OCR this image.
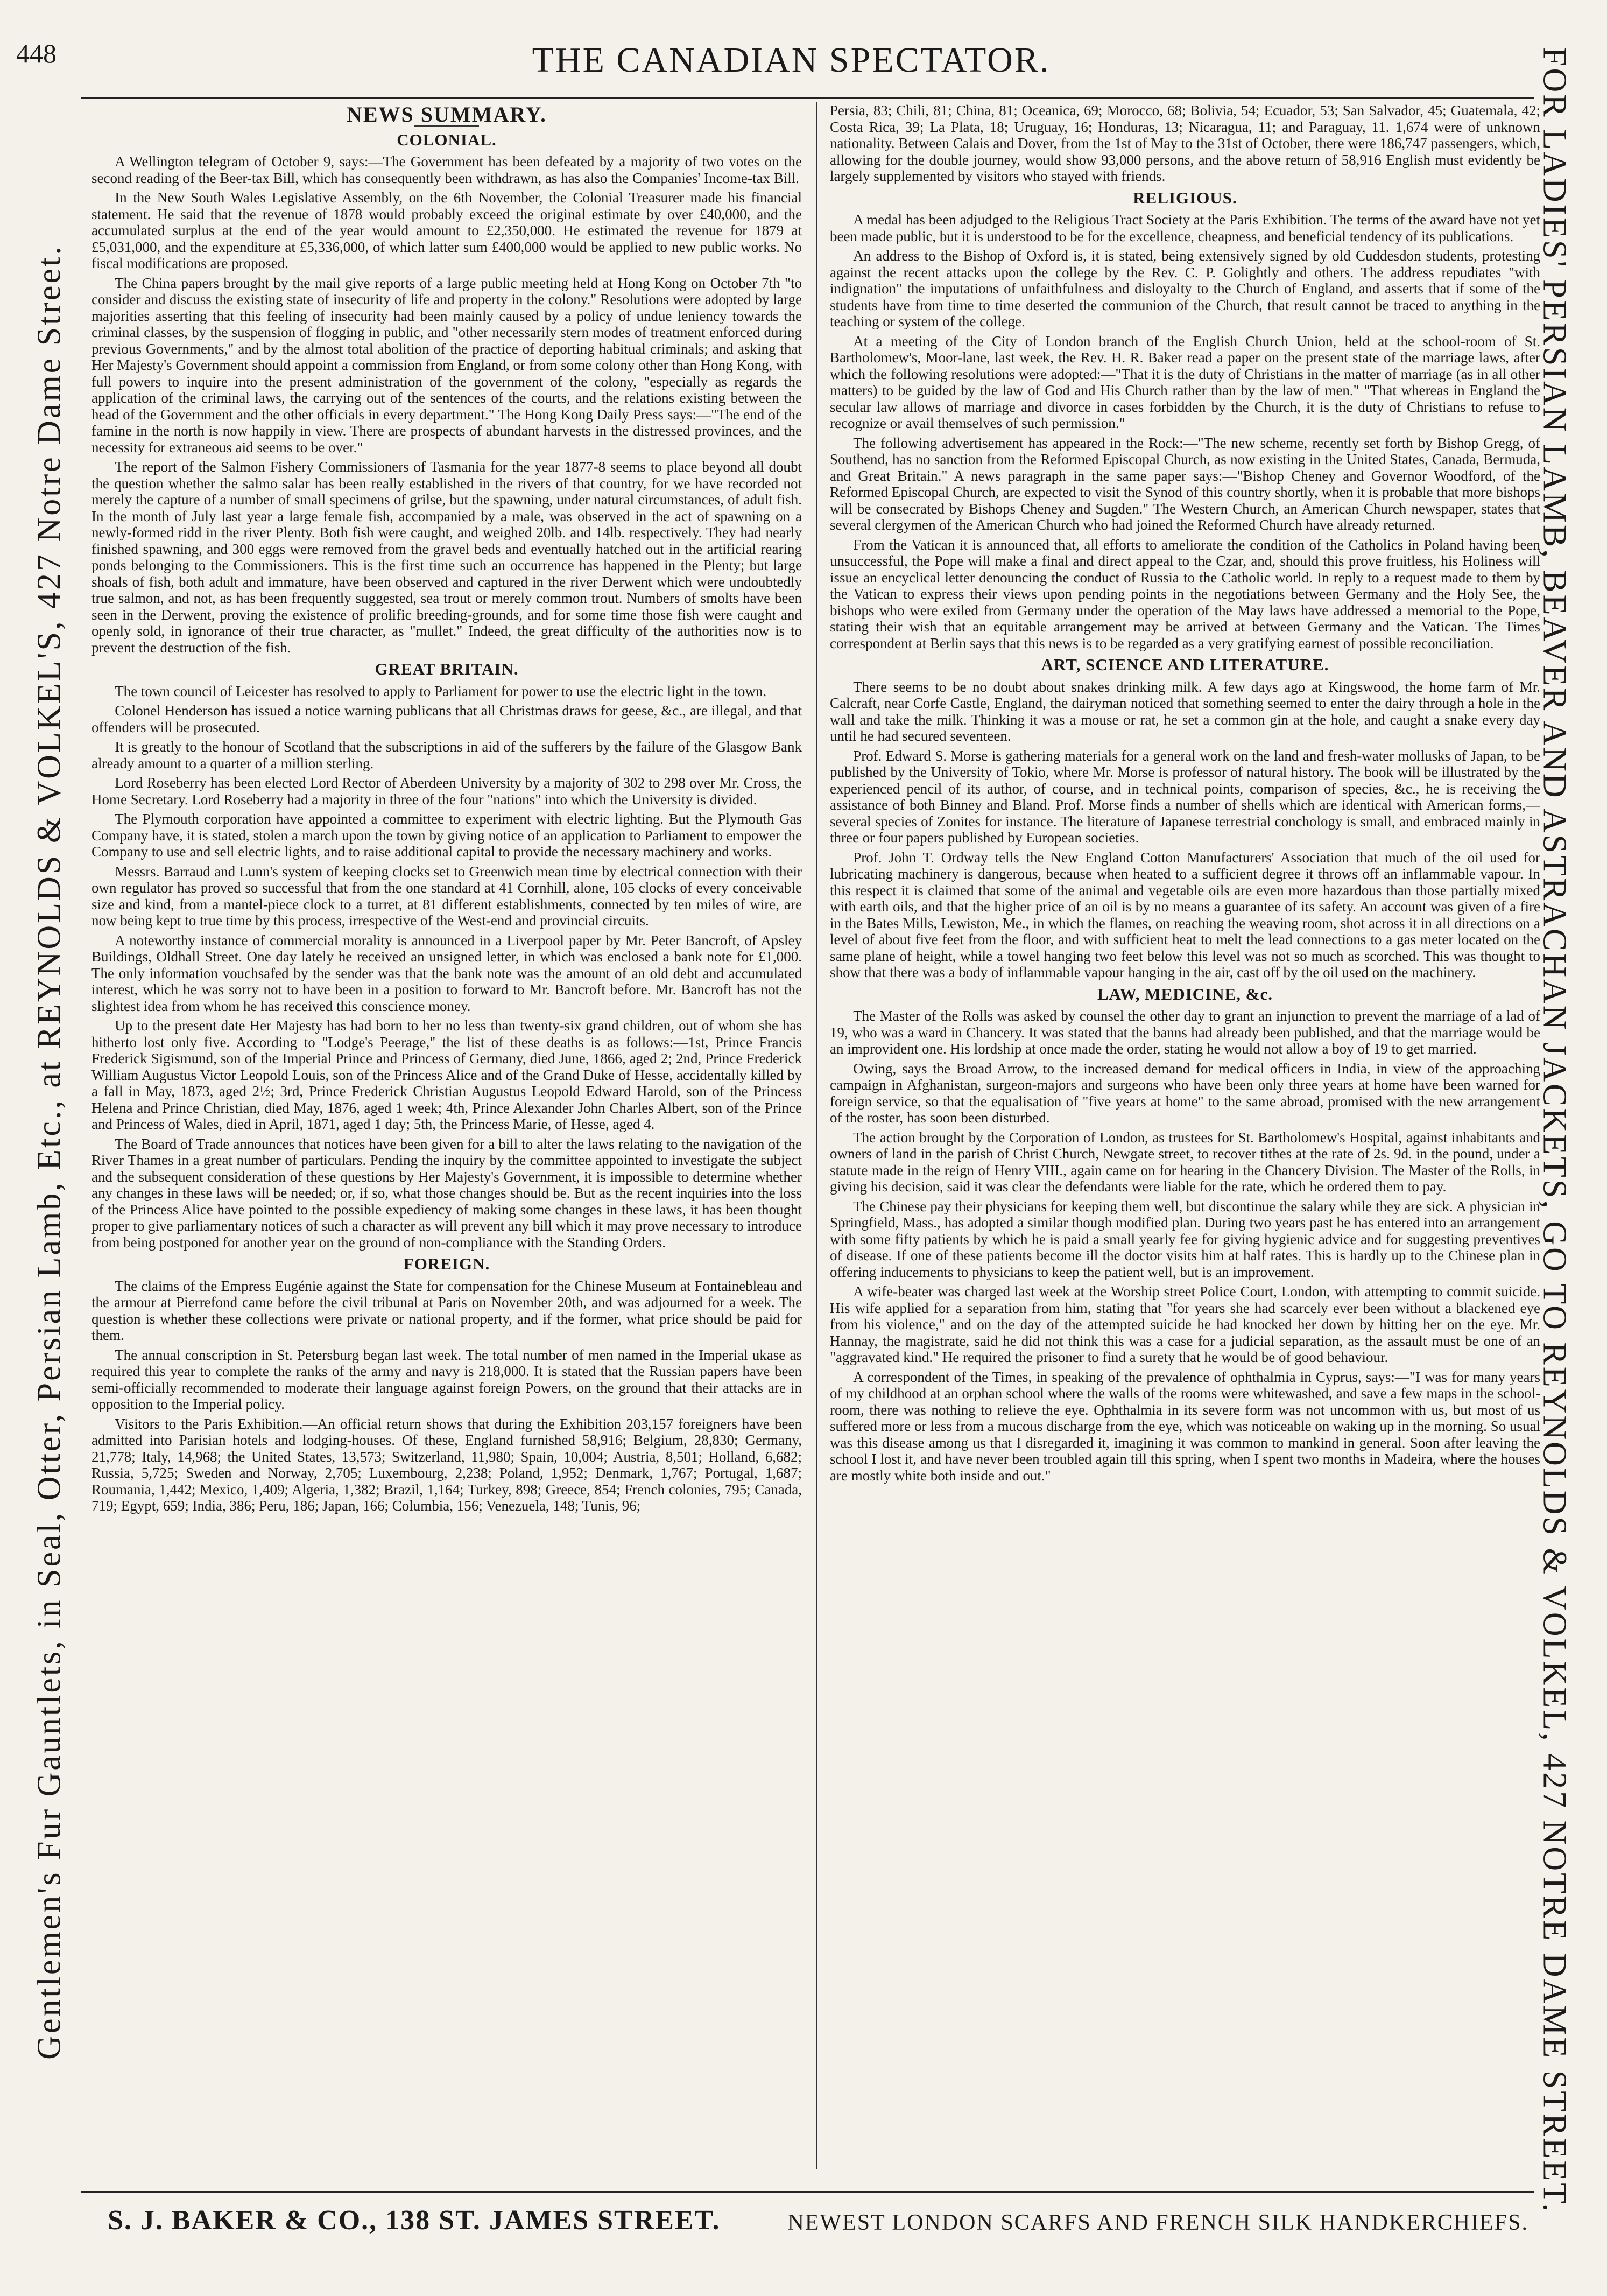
448	THE CANADIAN SPECTATOR.
Gentlemen's Fur Gauntlets, in Seal, Otter, Persian Lamb, Etc., at REYNOLDS & VOLKEL'S, 427 Notre Dame Street.	FOR LADIES' PERSIAN LAMB, BEAVER AND ASTRACHAN JACKETS, GO TO REYNOLDS & VOLKEL, 427 NOTRE DAME STREET.
NEWS SUMMARY.
COLONIAL.

A Wellington telegram of October 9, says:—The Government has been defeated by a majority of two votes on the second reading of the Beer-tax Bill, which has consequently been withdrawn, as has also the Companies' Income-tax Bill.

In the New South Wales Legislative Assembly, on the 6th November, the Colonial Treasurer made his financial statement. He said that the revenue of 1878 would probably exceed the original estimate by over £40,000, and the accumulated surplus at the end of the year would amount to £2,350,000. He estimated the revenue for 1879 at £5,031,000, and the expenditure at £5,336,000, of which latter sum £400,000 would be applied to new public works. No fiscal modifications are proposed.

The China papers brought by the mail give reports of a large public meeting held at Hong Kong on October 7th "to consider and discuss the existing state of insecurity of life and property in the colony." Resolutions were adopted by large majorities asserting that this feeling of insecurity had been mainly caused by a policy of undue leniency towards the criminal classes, by the suspension of flogging in public, and "other necessarily stern modes of treatment enforced during previous Governments," and by the almost total abolition of the practice of deporting habitual criminals; and asking that Her Majesty's Government should appoint a commission from England, or from some colony other than Hong Kong, with full powers to inquire into the present administration of the government of the colony, "especially as regards the application of the criminal laws, the carrying out of the sentences of the courts, and the relations existing between the head of the Government and the other officials in every department." The Hong Kong Daily Press says:—"The end of the famine in the north is now happily in view. There are prospects of abundant harvests in the distressed provinces, and the necessity for extraneous aid seems to be over."

The report of the Salmon Fishery Commissioners of Tasmania for the year 1877-8 seems to place beyond all doubt the question whether the salmo salar has been really established in the rivers of that country, for we have recorded not merely the capture of a number of small specimens of grilse, but the spawning, under natural circumstances, of adult fish. In the month of July last year a large female fish, accompanied by a male, was observed in the act of spawning on a newly-formed ridd in the river Plenty. Both fish were caught, and weighed 20lb. and 14lb. respectively. They had nearly finished spawning, and 300 eggs were removed from the gravel beds and eventually hatched out in the artificial rearing ponds belonging to the Commissioners. This is the first time such an occurrence has happened in the Plenty; but large shoals of fish, both adult and immature, have been observed and captured in the river Derwent which were undoubtedly true salmon, and not, as has been frequently suggested, sea trout or merely common trout. Numbers of smolts have been seen in the Derwent, proving the existence of prolific breeding-grounds, and for some time those fish were caught and openly sold, in ignorance of their true character, as "mullet." Indeed, the great difficulty of the authorities now is to prevent the destruction of the fish.

GREAT BRITAIN.

The town council of Leicester has resolved to apply to Parliament for power to use the electric light in the town.

Colonel Henderson has issued a notice warning publicans that all Christmas draws for geese, &c., are illegal, and that offenders will be prosecuted.

It is greatly to the honour of Scotland that the subscriptions in aid of the sufferers by the failure of the Glasgow Bank already amount to a quarter of a million sterling.

Lord Roseberry has been elected Lord Rector of Aberdeen University by a majority of 302 to 298 over Mr. Cross, the Home Secretary. Lord Roseberry had a majority in three of the four "nations" into which the University is divided.

The Plymouth corporation have appointed a committee to experiment with electric lighting. But the Plymouth Gas Company have, it is stated, stolen a march upon the town by giving notice of an application to Parliament to empower the Company to use and sell electric lights, and to raise additional capital to provide the necessary machinery and works.

Messrs. Barraud and Lunn's system of keeping clocks set to Greenwich mean time by electrical connection with their own regulator has proved so successful that from the one standard at 41 Cornhill, alone, 105 clocks of every conceivable size and kind, from a mantel-piece clock to a turret, at 81 different establishments, connected by ten miles of wire, are now being kept to true time by this process, irrespective of the West-end and provincial circuits.

A noteworthy instance of commercial morality is announced in a Liverpool paper by Mr. Peter Bancroft, of Apsley Buildings, Oldhall Street. One day lately he received an unsigned letter, in which was enclosed a bank note for £1,000. The only information vouchsafed by the sender was that the bank note was the amount of an old debt and accumulated interest, which he was sorry not to have been in a position to forward to Mr. Bancroft before. Mr. Bancroft has not the slightest idea from whom he has received this conscience money.

Up to the present date Her Majesty has had born to her no less than twenty-six grand children, out of whom she has hitherto lost only five. According to "Lodge's Peerage," the list of these deaths is as follows:—1st, Prince Francis Frederick Sigismund, son of the Imperial Prince and Princess of Germany, died June, 1866, aged 2; 2nd, Prince Frederick William Augustus Victor Leopold Louis, son of the Princess Alice and of the Grand Duke of Hesse, accidentally killed by a fall in May, 1873, aged 2½; 3rd, Prince Frederick Christian Augustus Leopold Edward Harold, son of the Princess Helena and Prince Christian, died May, 1876, aged 1 week; 4th, Prince Alexander John Charles Albert, son of the Prince and Princess of Wales, died in April, 1871, aged 1 day; 5th, the Princess Marie, of Hesse, aged 4.

The Board of Trade announces that notices have been given for a bill to alter the laws relating to the navigation of the River Thames in a great number of particulars. Pending the inquiry by the committee appointed to investigate the subject and the subsequent consideration of these questions by Her Majesty's Government, it is impossible to determine whether any changes in these laws will be needed; or, if so, what those changes should be. But as the recent inquiries into the loss of the Princess Alice have pointed to the possible expediency of making some changes in these laws, it has been thought proper to give parliamentary notices of such a character as will prevent any bill which it may prove necessary to introduce from being postponed for another year on the ground of non-compliance with the Standing Orders.

FOREIGN.

The claims of the Empress Eugénie against the State for compensation for the Chinese Museum at Fontainebleau and the armour at Pierrefond came before the civil tribunal at Paris on November 20th, and was adjourned for a week. The question is whether these collections were private or national property, and if the former, what price should be paid for them.

The annual conscription in St. Petersburg began last week. The total number of men named in the Imperial ukase as required this year to complete the ranks of the army and navy is 218,000. It is stated that the Russian papers have been semi-officially recommended to moderate their language against foreign Powers, on the ground that their attacks are in opposition to the Imperial policy.

Visitors to the Paris Exhibition.—An official return shows that during the Exhibition 203,157 foreigners have been admitted into Parisian hotels and lodging-houses. Of these, England furnished 58,916; Belgium, 28,830; Germany, 21,778; Italy, 14,968; the United States, 13,573; Switzerland, 11,980; Spain, 10,004; Austria, 8,501; Holland, 6,682; Russia, 5,725; Sweden and Norway, 2,705; Luxembourg, 2,238; Poland, 1,952; Denmark, 1,767; Portugal, 1,687; Roumania, 1,442; Mexico, 1,409; Algeria, 1,382; Brazil, 1,164; Turkey, 898; Greece, 854; French colonies, 795; Canada, 719; Egypt, 659; India, 386; Peru, 186; Japan, 166; Columbia, 156; Venezuela, 148; Tunis, 96;

Persia, 83; Chili, 81; China, 81; Oceanica, 69; Morocco, 68; Bolivia, 54; Ecuador, 53; San Salvador, 45; Guatemala, 42; Costa Rica, 39; La Plata, 18; Uruguay, 16; Honduras, 13; Nicaragua, 11; and Paraguay, 11. 1,674 were of unknown nationality. Between Calais and Dover, from the 1st of May to the 31st of October, there were 186,747 passengers, which, allowing for the double journey, would show 93,000 persons, and the above return of 58,916 English must evidently be largely supplemented by visitors who stayed with friends.

RELIGIOUS.

A medal has been adjudged to the Religious Tract Society at the Paris Exhibition. The terms of the award have not yet been made public, but it is understood to be for the excellence, cheapness, and beneficial tendency of its publications.

An address to the Bishop of Oxford is, it is stated, being extensively signed by old Cuddesdon students, protesting against the recent attacks upon the college by the Rev. C. P. Golightly and others. The address repudiates "with indignation" the imputations of unfaithfulness and disloyalty to the Church of England, and asserts that if some of the students have from time to time deserted the communion of the Church, that result cannot be traced to anything in the teaching or system of the college.

At a meeting of the City of London branch of the English Church Union, held at the school-room of St. Bartholomew's, Moor-lane, last week, the Rev. H. R. Baker read a paper on the present state of the marriage laws, after which the following resolutions were adopted:—"That it is the duty of Christians in the matter of marriage (as in all other matters) to be guided by the law of God and His Church rather than by the law of men." "That whereas in England the secular law allows of marriage and divorce in cases forbidden by the Church, it is the duty of Christians to refuse to recognize or avail themselves of such permission."

The following advertisement has appeared in the Rock:—"The new scheme, recently set forth by Bishop Gregg, of Southend, has no sanction from the Reformed Episcopal Church, as now existing in the United States, Canada, Bermuda, and Great Britain." A news paragraph in the same paper says:—"Bishop Cheney and Governor Woodford, of the Reformed Episcopal Church, are expected to visit the Synod of this country shortly, when it is probable that more bishops will be consecrated by Bishops Cheney and Sugden." The Western Church, an American Church newspaper, states that several clergymen of the American Church who had joined the Reformed Church have already returned.

From the Vatican it is announced that, all efforts to ameliorate the condition of the Catholics in Poland having been unsuccessful, the Pope will make a final and direct appeal to the Czar, and, should this prove fruitless, his Holiness will issue an encyclical letter denouncing the conduct of Russia to the Catholic world. In reply to a request made to them by the Vatican to express their views upon pending points in the negotiations between Germany and the Holy See, the bishops who were exiled from Germany under the operation of the May laws have addressed a memorial to the Pope, stating their wish that an equitable arrangement may be arrived at between Germany and the Vatican. The Times correspondent at Berlin says that this news is to be regarded as a very gratifying earnest of possible reconciliation.

ART, SCIENCE AND LITERATURE.

There seems to be no doubt about snakes drinking milk. A few days ago at Kingswood, the home farm of Mr. Calcraft, near Corfe Castle, England, the dairyman noticed that something seemed to enter the dairy through a hole in the wall and take the milk. Thinking it was a mouse or rat, he set a common gin at the hole, and caught a snake every day until he had secured seventeen.

Prof. Edward S. Morse is gathering materials for a general work on the land and fresh-water mollusks of Japan, to be published by the University of Tokio, where Mr. Morse is professor of natural history. The book will be illustrated by the experienced pencil of its author, of course, and in technical points, comparison of species, &c., he is receiving the assistance of both Binney and Bland. Prof. Morse finds a number of shells which are identical with American forms,—several species of Zonites for instance. The literature of Japanese terrestrial conchology is small, and embraced mainly in three or four papers published by European societies.

Prof. John T. Ordway tells the New England Cotton Manufacturers' Association that much of the oil used for lubricating machinery is dangerous, because when heated to a sufficient degree it throws off an inflammable vapour. In this respect it is claimed that some of the animal and vegetable oils are even more hazardous than those partially mixed with earth oils, and that the higher price of an oil is by no means a guarantee of its safety. An account was given of a fire in the Bates Mills, Lewiston, Me., in which the flames, on reaching the weaving room, shot across it in all directions on a level of about five feet from the floor, and with sufficient heat to melt the lead connections to a gas meter located on the same plane of height, while a towel hanging two feet below this level was not so much as scorched. This was thought to show that there was a body of inflammable vapour hanging in the air, cast off by the oil used on the machinery.

LAW, MEDICINE, &c.

The Master of the Rolls was asked by counsel the other day to grant an injunction to prevent the marriage of a lad of 19, who was a ward in Chancery. It was stated that the banns had already been published, and that the marriage would be an improvident one. His lordship at once made the order, stating he would not allow a boy of 19 to get married.

Owing, says the Broad Arrow, to the increased demand for medical officers in India, in view of the approaching campaign in Afghanistan, surgeon-majors and surgeons who have been only three years at home have been warned for foreign service, so that the equalisation of "five years at home" to the same abroad, promised with the new arrangement of the roster, has soon been disturbed.

The action brought by the Corporation of London, as trustees for St. Bartholomew's Hospital, against inhabitants and owners of land in the parish of Christ Church, Newgate street, to recover tithes at the rate of 2s. 9d. in the pound, under a statute made in the reign of Henry VIII., again came on for hearing in the Chancery Division. The Master of the Rolls, in giving his decision, said it was clear the defendants were liable for the rate, which he ordered them to pay.

The Chinese pay their physicians for keeping them well, but discontinue the salary while they are sick. A physician in Springfield, Mass., has adopted a similar though modified plan. During two years past he has entered into an arrangement with some fifty patients by which he is paid a small yearly fee for giving hygienic advice and for suggesting preventives of disease. If one of these patients become ill the doctor visits him at half rates. This is hardly up to the Chinese plan in offering inducements to physicians to keep the patient well, but is an improvement.

A wife-beater was charged last week at the Worship street Police Court, London, with attempting to commit suicide. His wife applied for a separation from him, stating that "for years she had scarcely ever been without a blackened eye from his violence," and on the day of the attempted suicide he had knocked her down by hitting her on the eye. Mr. Hannay, the magistrate, said he did not think this was a case for a judicial separation, as the assault must be one of an "aggravated kind." He required the prisoner to find a surety that he would be of good behaviour.

A correspondent of the Times, in speaking of the prevalence of ophthalmia in Cyprus, says:—"I was for many years of my childhood at an orphan school where the walls of the rooms were whitewashed, and save a few maps in the school-room, there was nothing to relieve the eye. Ophthalmia in its severe form was not uncommon with us, but most of us suffered more or less from a mucous discharge from the eye, which was noticeable on waking up in the morning. So usual was this disease among us that I disregarded it, imagining it was common to mankind in general. Soon after leaving the school I lost it, and have never been troubled again till this spring, when I spent two months in Madeira, where the houses are mostly white both inside and out."

S. J. BAKER & CO., 138 ST. JAMES STREET.	NEWEST LONDON SCARFS AND FRENCH SILK HANDKERCHIEFS.
